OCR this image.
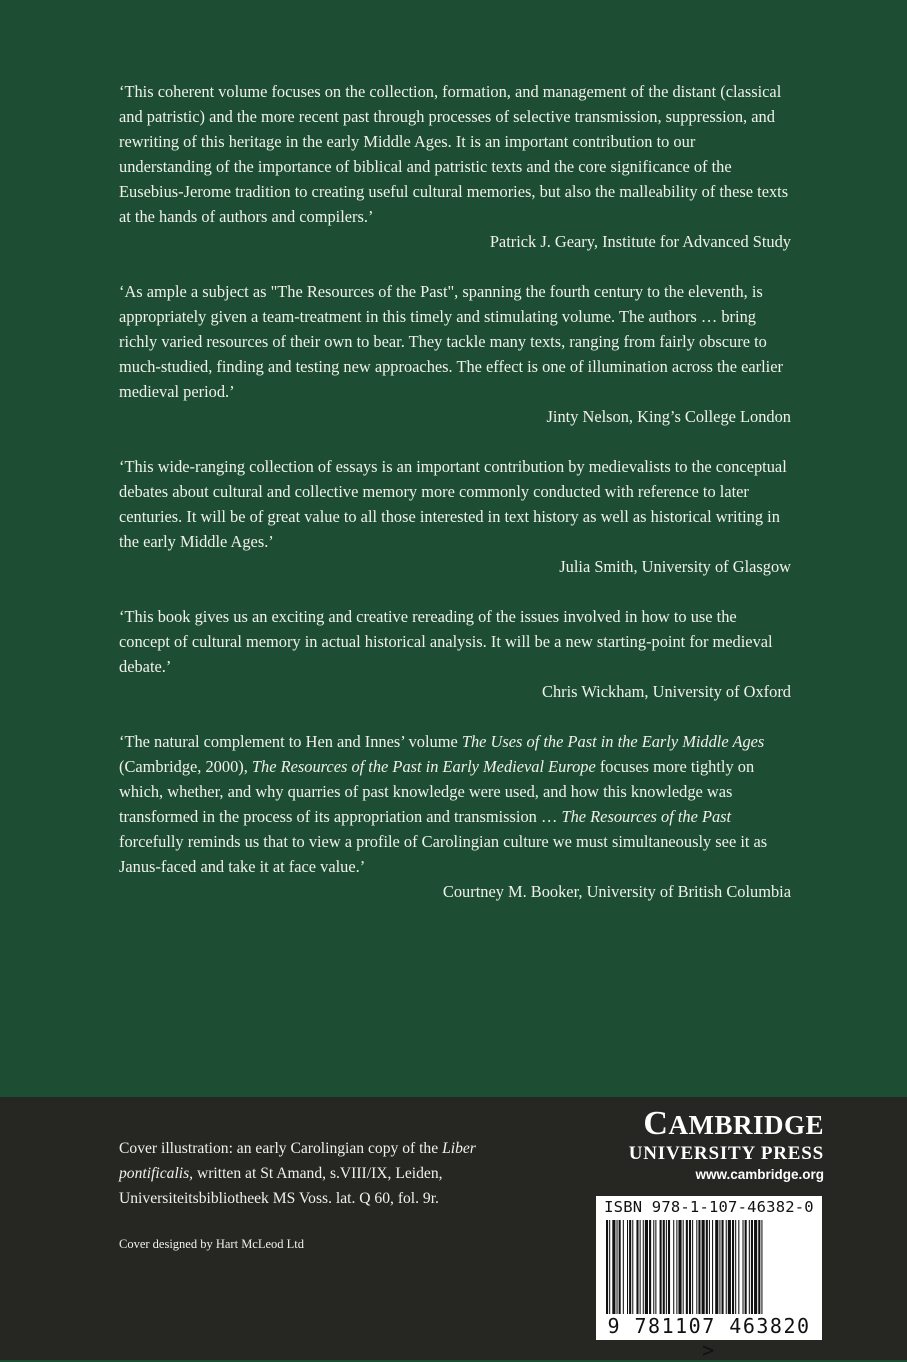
‘This coherent volume focuses on the collection, formation, and management of the distant (classical and patristic) and the more recent past through processes of selective transmission, suppression, and rewriting of this heritage in the early Middle Ages. It is an important contribution to our understanding of the importance of biblical and patristic texts and the core significance of the Eusebius-Jerome tradition to creating useful cultural memories, but also the malleability of these texts at the hands of authors and compilers.’

Patrick J. Geary, Institute for Advanced Study

‘As ample a subject as "The Resources of the Past", spanning the fourth century to the eleventh, is appropriately given a team-treatment in this timely and stimulating volume. The authors … bring richly varied resources of their own to bear. They tackle many texts, ranging from fairly obscure to much-studied, finding and testing new approaches. The effect is one of illumination across the earlier medieval period.’

Jinty Nelson, King’s College London

‘This wide-ranging collection of essays is an important contribution by medievalists to the conceptual debates about cultural and collective memory more commonly conducted with reference to later centuries. It will be of great value to all those interested in text history as well as historical writing in the early Middle Ages.’

Julia Smith, University of Glasgow

‘This book gives us an exciting and creative rereading of the issues involved in how to use the concept of cultural memory in actual historical analysis. It will be a new starting-point for medieval debate.’

Chris Wickham, University of Oxford

‘The natural complement to Hen and Innes’ volume The Uses of the Past in the Early Middle Ages (Cambridge, 2000), The Resources of the Past in Early Medieval Europe focuses more tightly on which, whether, and why quarries of past knowledge were used, and how this knowledge was transformed in the process of its appropriation and transmission … The Resources of the Past forcefully reminds us that to view a profile of Carolingian culture we must simultaneously see it as Janus-faced and take it at face value.’

Courtney M. Booker, University of British Columbia

Cover illustration: an early Carolingian copy of the Liber pontificalis, written at St Amand, s.VIII/IX, Leiden, Universiteitsbibliotheek MS Voss. lat. Q 60, fol. 9r.

Cover designed by Hart McLeod Ltd

CAMBRIDGE

UNIVERSITY PRESS

www.cambridge.org

ISBN 978-1-107-46382-0

9 781107 463820 >
